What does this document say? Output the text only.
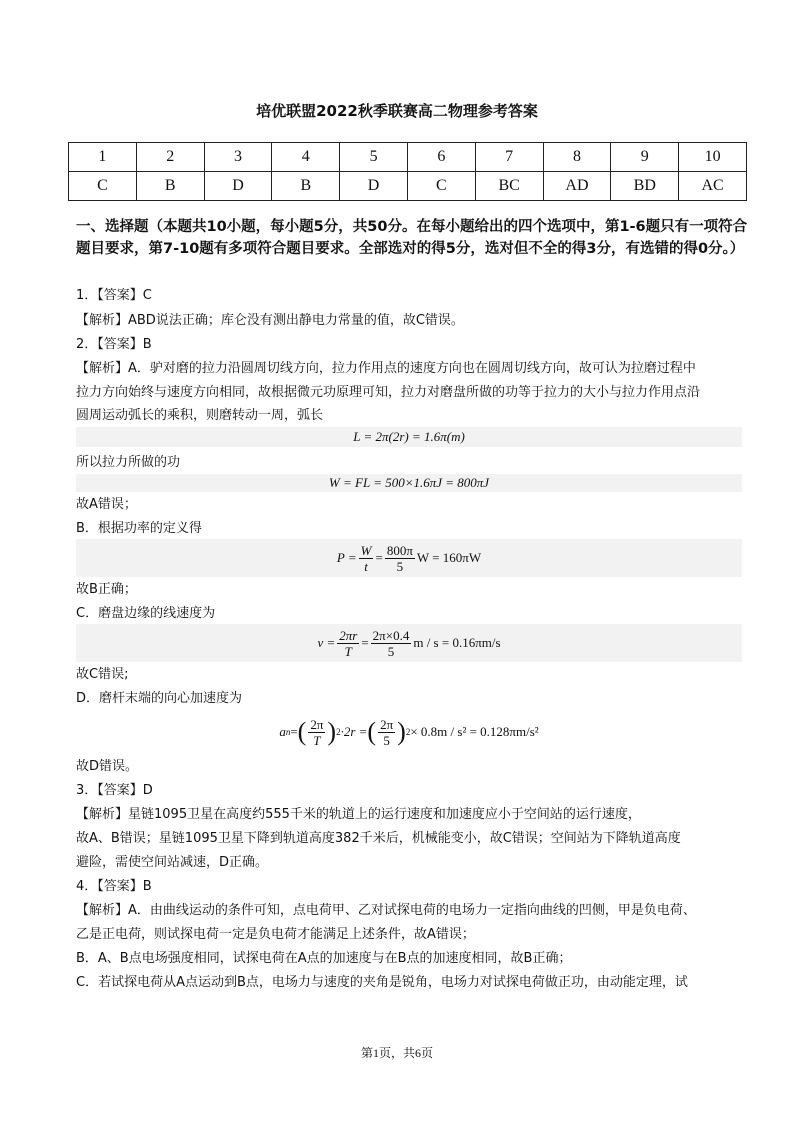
培优联盟2022秋季联赛高二物理参考答案
1	2	3	4	5	6	7	8	9	10
C	B	D	B	D	C	BC	AD	BD	AC
一、选择题（本题共10小题，每小题5分，共50分。在每小题给出的四个选项中，第1-6题只有一项符合题目要求，第7-10题有多项符合题目要求。全部选对的得5分，选对但不全的得3分，有选错的得0分。）
1．【答案】C
【解析】ABD说法正确；库仑没有测出静电力常量的值，故C错误。
2．【答案】B
【解析】A．驴对磨的拉力沿圆周切线方向，拉力作用点的速度方向也在圆周切线方向，故可认为拉磨过程中
拉力方向始终与速度方向相同，故根据微元功原理可知，拉力对磨盘所做的功等于拉力的大小与拉力作用点沿
圆周运动弧长的乘积，则磨转动一周，弧长
L = 2π(2r) = 1.6π(m)
所以拉力所做的功
W = FL = 500×1.6πJ = 800πJ
故A错误；
B．根据功率的定义得
$P = \frac{W}{t} = \frac{800\pi}{5}$ W = 160πW
故B正确；
C．磨盘边缘的线速度为
$v = \frac{2\pi r}{T} = \frac{2\pi\times 0.4}{5}$ m / s = 0.16πm/s
故C错误;
D．磨杆末端的向心加速度为
a n = ( $\frac{2\pi}{T}$ ) 2 ·2r = ( $\frac{2\pi}{5}$ ) 2 × 0.8m / s² = 0.128πm/s²
故D错误。
3．【答案】D
【解析】星链1095卫星在高度约555千米的轨道上的运行速度和加速度应小于空间站的运行速度，
故A、B错误；星链1095卫星下降到轨道高度382千米后，机械能变小，故C错误；空间站为下降轨道高度
避险，需使空间站减速，D正确。
4．【答案】B
【解析】A．由曲线运动的条件可知，点电荷甲、乙对试探电荷的电场力一定指向曲线的凹侧，甲是负电荷、
乙是正电荷，则试探电荷一定是负电荷才能满足上述条件，故A错误；
B．A、B点电场强度相同，试探电荷在A点的加速度与在B点的加速度相同，故B正确；
C．若试探电荷从A点运动到B点，电场力与速度的夹角是锐角，电场力对试探电荷做正功，由动能定理，试
第1页，共6页
